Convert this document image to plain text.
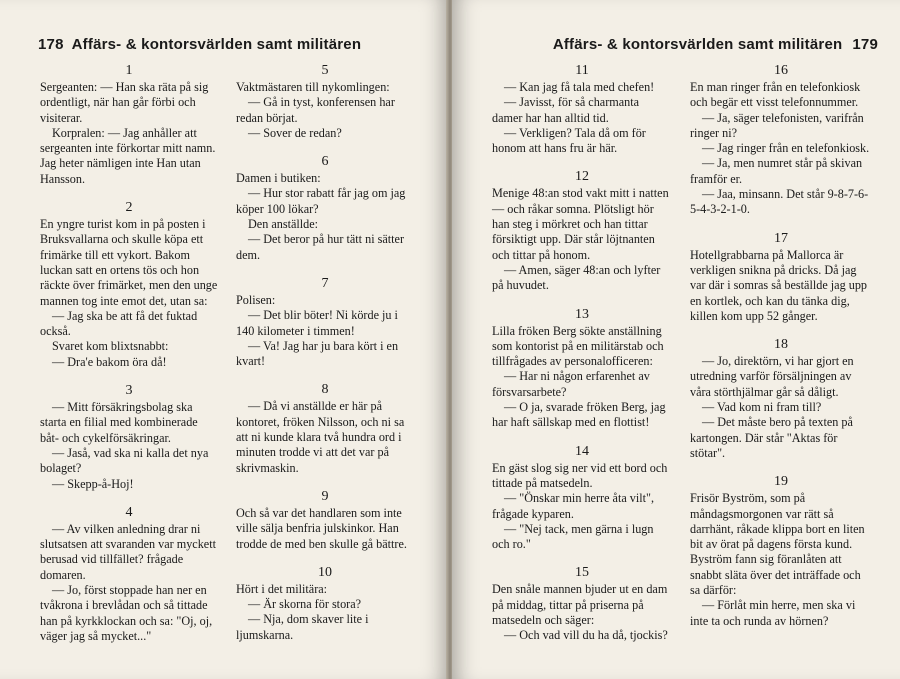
178 Affärs- & kontorsvärlden samt militären
1

Sergeanten: — Han ska räta på sig ordentligt, när han går förbi och visiterar.

Korpralen: — Jag anhåller att sergeanten inte förkortar mitt namn. Jag heter nämligen inte Han utan Hansson.

2

En yngre turist kom in på posten i Bruksvallarna och skulle köpa ett frimärke till ett vykort. Bakom luckan satt en ortens tös och hon räckte över frimärket, men den unge mannen tog inte emot det, utan sa:

— Jag ska be att få det fuktad också.

Svaret kom blixtsnabbt:

— Dra'e bakom öra då!

3

— Mitt försäkringsbolag ska starta en filial med kombinerade båt- och cykelförsäkringar.

— Jaså, vad ska ni kalla det nya bolaget?

— Skepp-å-Hoj!

4

— Av vilken anledning drar ni slutsatsen att svaranden var myckett berusad vid tillfället? frågade domaren.

— Jo, först stoppade han ner en tvåkrona i brevlådan och så tittade han på kyrkklockan och sa: "Oj, oj, väger jag så mycket..."

5

Vaktmästaren till nykomlingen:

— Gå in tyst, konferensen har redan börjat.

— Sover de redan?

6

Damen i butiken:

— Hur stor rabatt får jag om jag köper 100 lökar?

Den anställde:

— Det beror på hur tätt ni sätter dem.

7

Polisen:

— Det blir böter! Ni körde ju i 140 kilometer i timmen!

— Va! Jag har ju bara kört i en kvart!

8

— Då vi anställde er här på kontoret, fröken Nilsson, och ni sa att ni kunde klara två hundra ord i minuten trodde vi att det var på skrivmaskin.

9

Och så var det handlaren som inte ville sälja benfria julskinkor. Han trodde de med ben skulle gå bättre.

10

Hört i det militära:

— Är skorna för stora?

— Nja, dom skaver lite i ljumskarna.

Affärs- & kontorsvärlden samt militären 179
11

— Kan jag få tala med chefen!

— Javisst, för så charmanta damer har han alltid tid.

— Verkligen? Tala då om för honom att hans fru är här.

12

Menige 48:an stod vakt mitt i natten — och råkar somna. Plötsligt hör han steg i mörkret och han tittar försiktigt upp. Där står löjtnanten och tittar på honom.

— Amen, säger 48:an och lyfter på huvudet.

13

Lilla fröken Berg sökte anställning som kontorist på en militärstab och tillfrågades av personalofficeren:

— Har ni någon erfarenhet av försvarsarbete?

— O ja, svarade fröken Berg, jag har haft sällskap med en flottist!

14

En gäst slog sig ner vid ett bord och tittade på matsedeln.

— "Önskar min herre åta vilt", frågade kyparen.

— "Nej tack, men gärna i lugn och ro."

15

Den snåle mannen bjuder ut en dam på middag, tittar på priserna på matsedeln och säger:

— Och vad vill du ha då, tjockis?

16

En man ringer från en telefonkiosk och begär ett visst telefonnummer.

— Ja, säger telefonisten, varifrån ringer ni?

— Jag ringer från en telefonkiosk.

— Ja, men numret står på skivan framför er.

— Jaa, minsann. Det står 9-8-7-6-5-4-3-2-1-0.

17

Hotellgrabbarna på Mallorca är verkligen snikna på dricks. Då jag var där i somras så beställde jag upp en kortlek, och kan du tänka dig, killen kom upp 52 gånger.

18

— Jo, direktörn, vi har gjort en utredning varför försäljningen av våra störthjälmar går så dåligt.

— Vad kom ni fram till?

— Det måste bero på texten på kartongen. Där står "Aktas för stötar".

19

Frisör Byström, som på måndagsmorgonen var rätt så darrhänt, råkade klippa bort en liten bit av örat på dagens första kund. Byström fann sig föranlåten att snabbt släta över det inträffade och sa därför:

— Förlåt min herre, men ska vi inte ta och runda av hörnen?
